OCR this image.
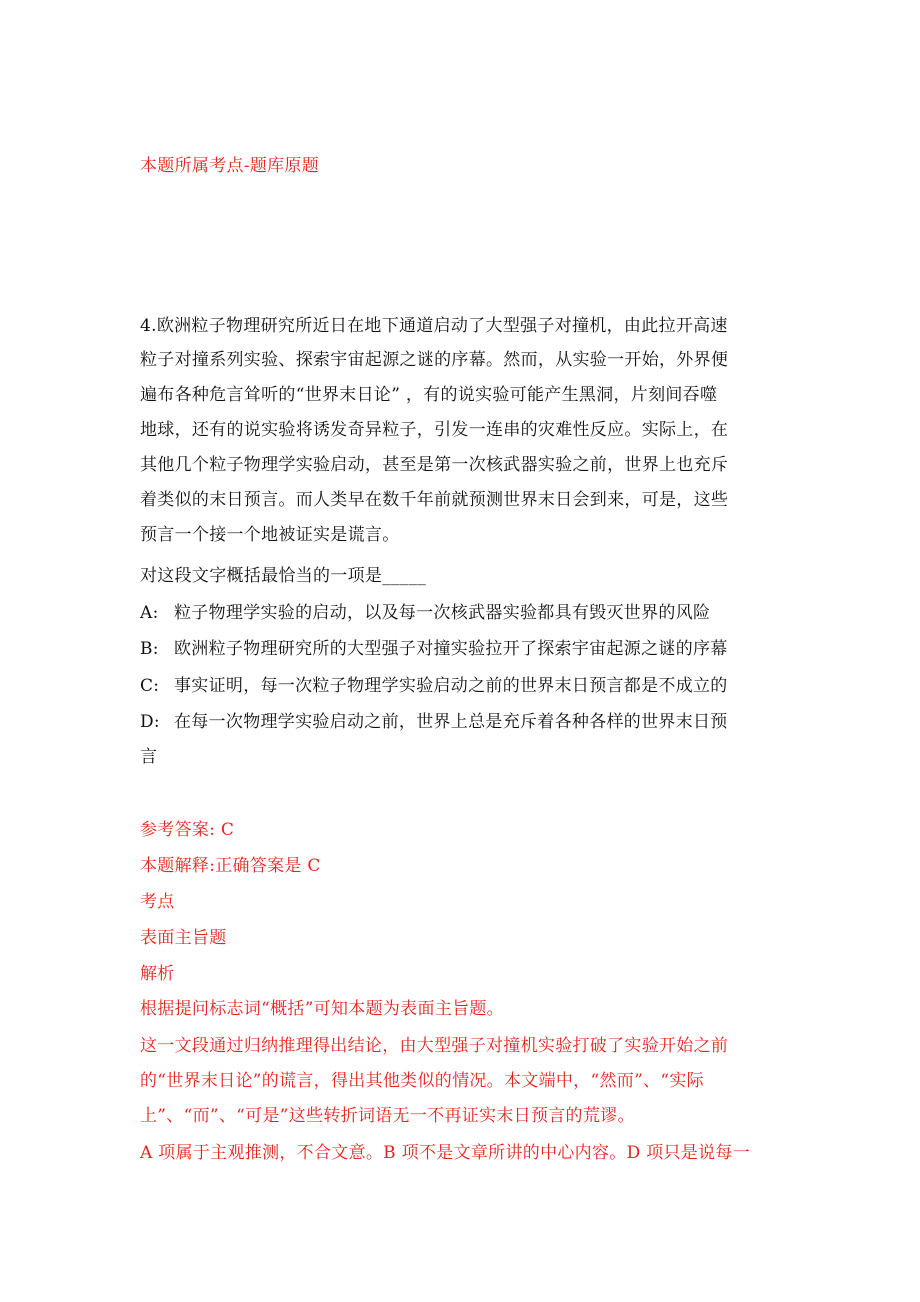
本题所属考点-题库原题
4.欧洲粒子物理研究所近日在地下通道启动了大型强子对撞机，由此拉开高速
粒子对撞系列实验、探索宇宙起源之谜的序幕。然而，从实验一开始，外界便
遍布各种危言耸听的“世界末日论” ，有的说实验可能产生黑洞，片刻间吞噬
地球，还有的说实验将诱发奇异粒子，引发一连串的灾难性反应。实际上，在
其他几个粒子物理学实验启动，甚至是第一次核武器实验之前，世界上也充斥
着类似的末日预言。而人类早在数千年前就预测世界末日会到来，可是，这些
预言一个接一个地被证实是谎言。
对这段文字概括最恰当的一项是_____
A: 粒子物理学实验的启动，以及每一次核武器实验都具有毁灭世界的风险
B: 欧洲粒子物理研究所的大型强子对撞实验拉开了探索宇宙起源之谜的序幕
C: 事实证明，每一次粒子物理学实验启动之前的世界末日预言都是不成立的
D: 在每一次物理学实验启动之前，世界上总是充斥着各种各样的世界末日预
言
参考答案: C
本题解释:正确答案是 C
考点
表面主旨题
解析
根据提问标志词“概括”可知本题为表面主旨题。
这一文段通过归纳推理得出结论，由大型强子对撞机实验打破了实验开始之前
的“世界末日论”的谎言，得出其他类似的情况。本文端中，“然而”、“实际
上”、“而”、“可是”这些转折词语无一不再证实末日预言的荒谬。
A 项属于主观推测，不合文意。B 项不是文章所讲的中心内容。D 项只是说每一
